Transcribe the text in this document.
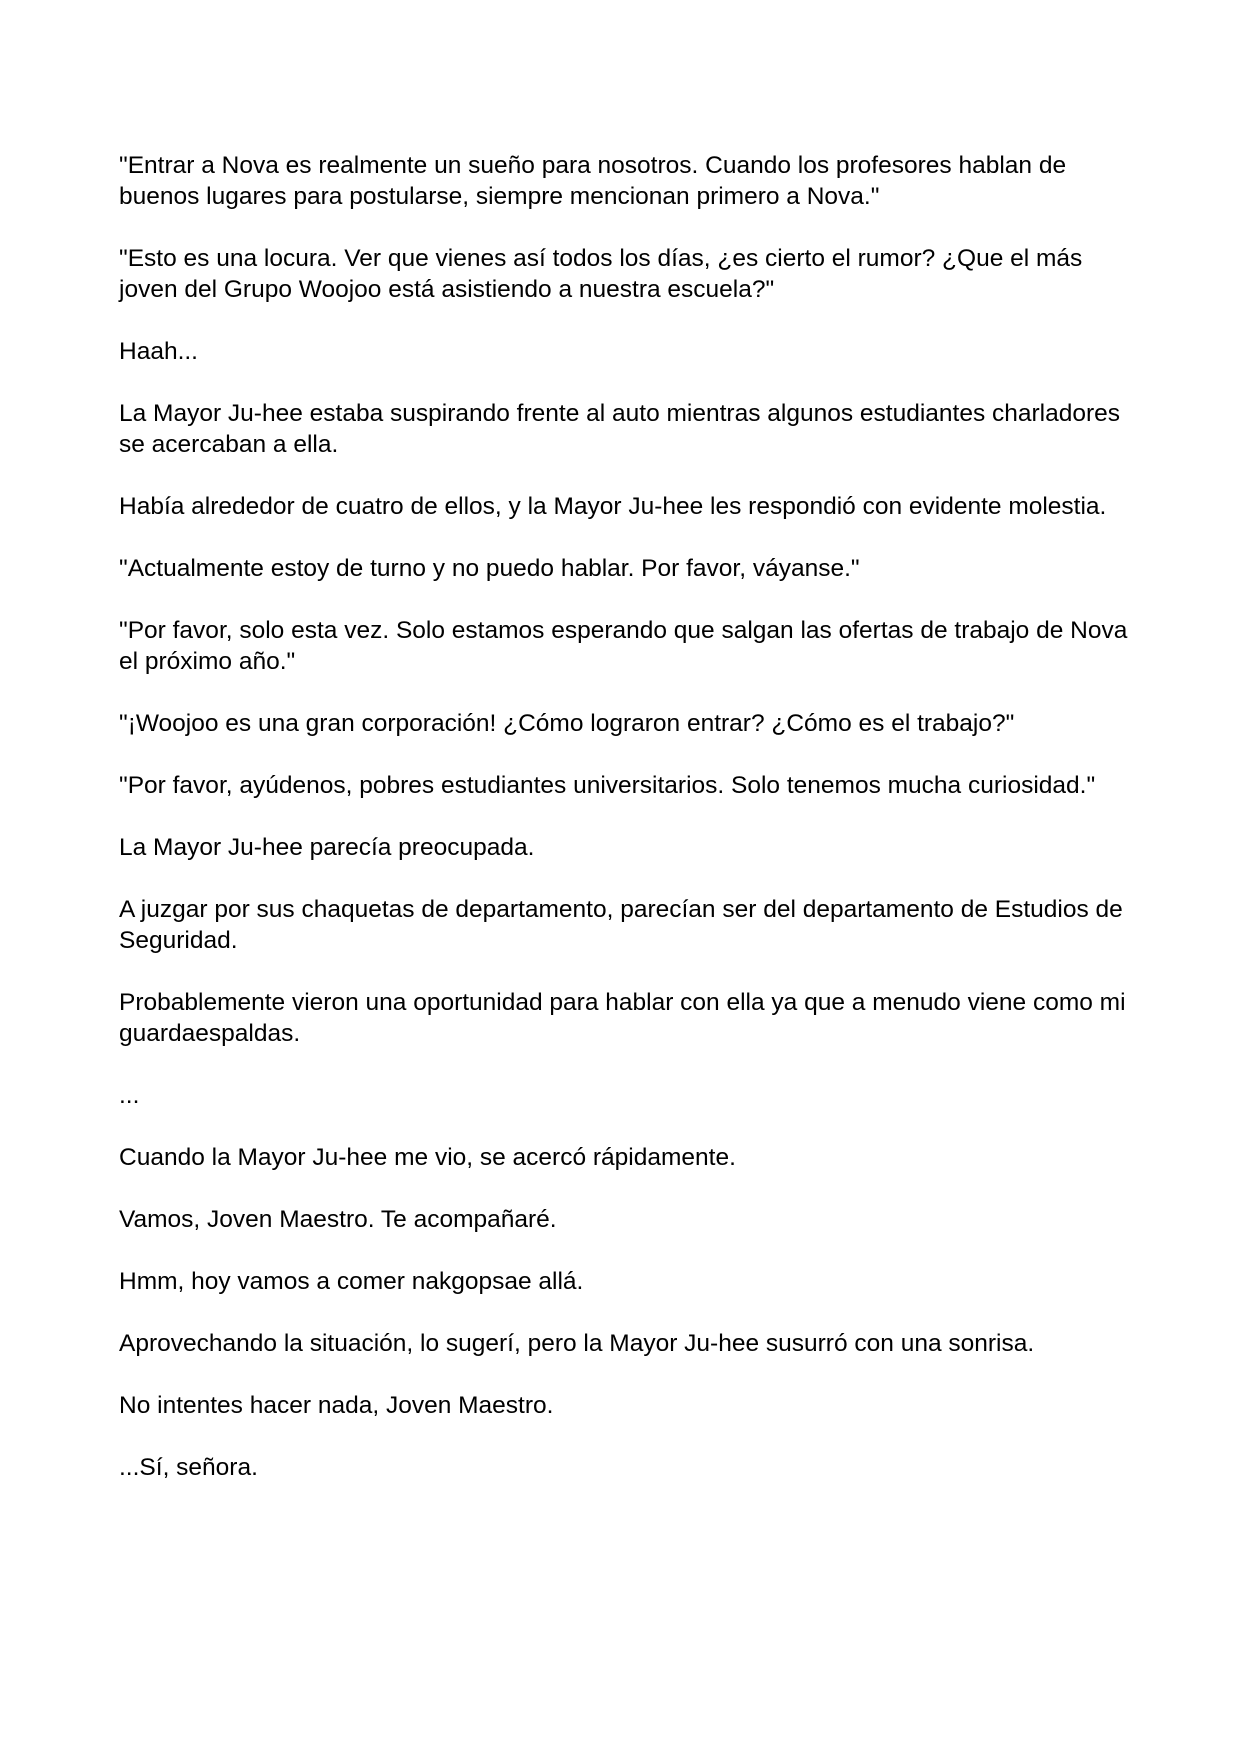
"Entrar a Nova es realmente un sueño para nosotros. Cuando los profesores hablan de buenos lugares para postularse, siempre mencionan primero a Nova."

"Esto es una locura. Ver que vienes así todos los días, ¿es cierto el rumor? ¿Que el más joven del Grupo Woojoo está asistiendo a nuestra escuela?"

Haah...

La Mayor Ju-hee estaba suspirando frente al auto mientras algunos estudiantes charladores se acercaban a ella.

Había alrededor de cuatro de ellos, y la Mayor Ju-hee les respondió con evidente molestia.

"Actualmente estoy de turno y no puedo hablar. Por favor, váyanse."

"Por favor, solo esta vez. Solo estamos esperando que salgan las ofertas de trabajo de Nova el próximo año."

"¡Woojoo es una gran corporación! ¿Cómo lograron entrar? ¿Cómo es el trabajo?"

"Por favor, ayúdenos, pobres estudiantes universitarios. Solo tenemos mucha curiosidad."

La Mayor Ju-hee parecía preocupada.

A juzgar por sus chaquetas de departamento, parecían ser del departamento de Estudios de Seguridad.

Probablemente vieron una oportunidad para hablar con ella ya que a menudo viene como mi guardaespaldas.

...

Cuando la Mayor Ju-hee me vio, se acercó rápidamente.

Vamos, Joven Maestro. Te acompañaré.

Hmm, hoy vamos a comer nakgopsae allá.

Aprovechando la situación, lo sugerí, pero la Mayor Ju-hee susurró con una sonrisa.

No intentes hacer nada, Joven Maestro.

...Sí, señora.
